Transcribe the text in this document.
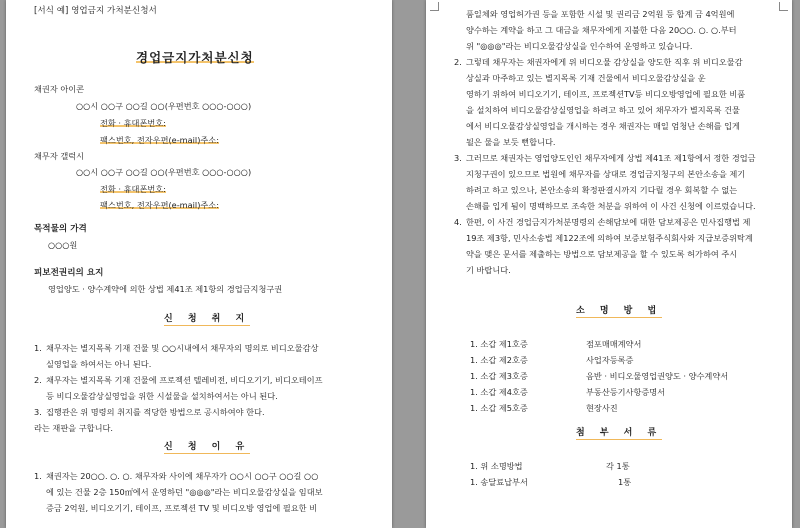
[서식 예] 영업금지 가처분신청서
경업금지가처분신청
채권자 아이콘
○○시 ○○구 ○○길 ○○(우편번호 ○○○-○○○)
전화 · 휴대폰번호:
팩스번호, 전자우편(e-mail)주소:
채무자 갤럭시
○○시 ○○구 ○○길 ○○(우편번호 ○○○-○○○)
전화 · 휴대폰번호:
팩스번호, 전자우편(e-mail)주소:
목적물의 가격
○○○원
피보전권리의 요지
영업양도 · 양수계약에 의한 상법 제41조 제1항의 경업금지청구권
신 청 취 지
1. 채무자는 별지목록 기재 건물 및 ○○시내에서 채무자의 명의로 비디오물감상
실영업을 하여서는 아니 된다.
2. 채무자는 별지목록 기재 건물에 프로젝션 텔레비전, 비디오기기, 비디오테이프
등 비디오물감상실영업을 위한 시설물을 설치하여서는 아니 된다.
3. 집행관은 위 명령의 취지를 적당한 방법으로 공시하여야 한다.
라는 재판을 구합니다.
신 청 이 유
1. 채권자는 20○○. ○. ○. 채무자와 사이에 채무자가 ○○시 ○○구 ○○길 ○○
에 있는 건물 2층 150㎡에서 운영하던 "◎◎◎"라는 비디오물감상실을 임대보
증금 2억원, 비디오기기, 테이프, 프로젝션 TV 및 비디오방 영업에 필요한 비
품일체와 영업허가권 등을 포함한 시설 및 권리금 2억원 등 합계 금 4억원에
양수하는 계약을 하고 그 대금을 채무자에게 지불한 다음 20○○. ○. ○.부터
위 "◎◎◎"라는 비디오물감상실을 인수하여 운영하고 있습니다.
2. 그렇데 채무자는 채권자에게 위 비디오물 감상실을 양도한 직후 위 비디오물감
상실과 마주하고 있는 별지목록 기재 건물에서 비디오물감상실을 운
영하기 위하여 비디오기기, 테이프, 프로젝션TV등 비디오방영업에 필요한 비품
을 설치하여 비디오물감상실영업을 하려고 하고 있어 채무자가 별지목록 건물
에서 비디오물감상실영업을 개시하는 경우 채권자는 매일 엄청난 손해를 입게
될은 물을 보듯 뻔합니다.
3. 그러므로 채권자는 영업양도인인 채무자에게 상법 제41조 제1항에서 정한 경업금
지청구권이 있으므로 법원에 채무자를 상대로 경업금지청구의 본안소송을 제기
하려고 하고 있으나, 본안소송의 확정판결시까지 기다릴 경우 회복할 수 없는
손해를 입게 됨이 명백하므로 조속한 처분을 위하여 이 사건 신청에 이르렀습니다.
4. 한편, 이 사건 경업금지가처분명령의 손해담보에 대한 담보제공은 민사집행법 제
19조 제3항, 민사소송법 제122조에 의하여 보증보험주식회사와 지급보증위탁계
약을 맺은 문서를 제출하는 방법으로 담보제공을 할 수 있도록 허가하여 주시
기 바랍니다.
소 명 방 법
1. 소갑 제1호증	점포매매계약서
1. 소갑 제2호증	사업자등록증
1. 소갑 제3호증	음반 · 비디오물영업권양도 · 양수계약서
1. 소갑 제4호증	부동산등기사항증명서
1. 소갑 제5호증	현장사진
첨 부 서 류
1. 위 소명방법	각 1통
1. 송달료납부서	1통
